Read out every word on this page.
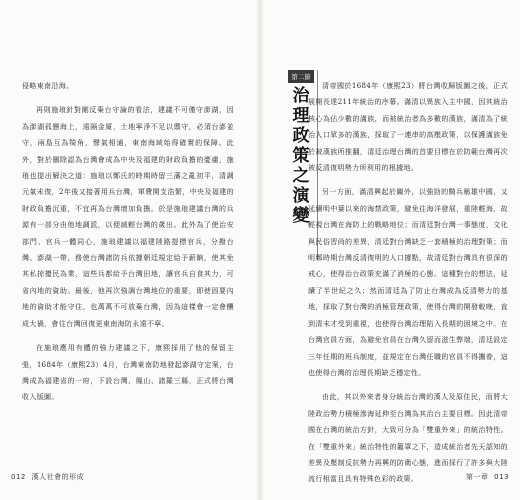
侵略東南沿海。

再則施琅針對剛反棄台守論的看法，建議不可僅守澎湖，因為澎湖孤懸海上，遠隔金廈，土地寧淨不足以禦守，必須台澎並守，兩島互為犄角，聲氣相通，東南海域始得確實的保障。此外，對於刪除認為台灣會成為中央及福建的財政負擔的憂慮，施琅也提出解決之道：施琅以鄭氏的時期時留三藩之亂初平，清調元氣未復，2年後又接著用兵台灣，軍費開支浩繁，中央及福建的財政負擔沉重，不宜再為台灣增加負擔。於是施琅建議台灣的兵源有一部分由他地調派，以便減輕台灣的歲出。此外為了使治安部門、官兵一體同心，施琅建議以福建陸路提標官兵，分撥台灣、澎湖一帶，務使台灣諸防兵依據朝廷規定給予薪餉，使其免其私掠擾民為業，這些兵都給予台灣田地，讓官兵自食其力，可省內地的資助。最後，他再次強調台灣地位的重要，即使固要內地的資助才能守住，也萬萬不可放棄台灣，因為這樣會一定會釀成大禍，會往台灣回復更東南海防永遠不寧。

在施琅應用有體的強力建議之下，康熙採用了他的保留主張，1684年（康熙23）4月，台灣東南防地發起澎湖守定案，台灣成為福建省的一府，下設台灣、鳳山、諸羅三縣，正式將台灣收入版圖。

012 漢人社會的形成
第二節
治
理
政
策
之
演
變

清帝國於1684年（康熙23）將台灣收歸版圖之後，正式展開長達211年統治的序幕。滿清以異族入主中國，因其統治核心為佔少數的滿族，而被統治者為多數的漢族，滿清為了統治人口眾多的漢族，採取了一連串的高壓政策，以保護滿族免於被漢族所推翻，清廷治理台灣的首要目標在於防範台灣再次被反清復明勢力所利用的根據地。

另一方面，滿清興起於關外，以強勁的騎兵稱雄中國，又延續明中葉以來的海禁政策，避免往海洋發展，重陸輕海，故輕視台灣在海防上的戰略地位；而清廷對台灣一事態度，文化與民俗習尚的差異，清廷對台灣缺乏一套積極的治理對策；而明鄭時期台灣反清復明的人口據點，故清廷對台灣具有很深的戒心，使得治台政策充滿了消極的心態。這種對台的想法，延續了半世紀之久；然而清廷為了防止台灣成為反清勢力的基地，採取了對台灣的消極管理政策，使得台灣的開發較晚，直到清末才受到重視，也使得台灣治理陷入長期的困境之中。在台灣官員方面，為避免官員在台灣久留而滋生弊端，清廷設定三年任期的班兵制度，並規定在台灣任職的官員不得攜眷，這也使得台灣的治理長期缺乏穩定性。

由此，其以外來者身分統治台灣的漢人及原住民，而將大陸政治勢力積極滲海延伸至台灣為其治台主要目標。因此清帝國在台灣的統治方針，大致可分為「雙重外來」的統治特性。在「雙重外來」統治特性的籠罩之下，造成統治者先天認知的差異及壓制反抗勢力再興的防衛心態，進而採行了許多與大陸流行相當且具有特殊色彩的政策。	第一章 013
